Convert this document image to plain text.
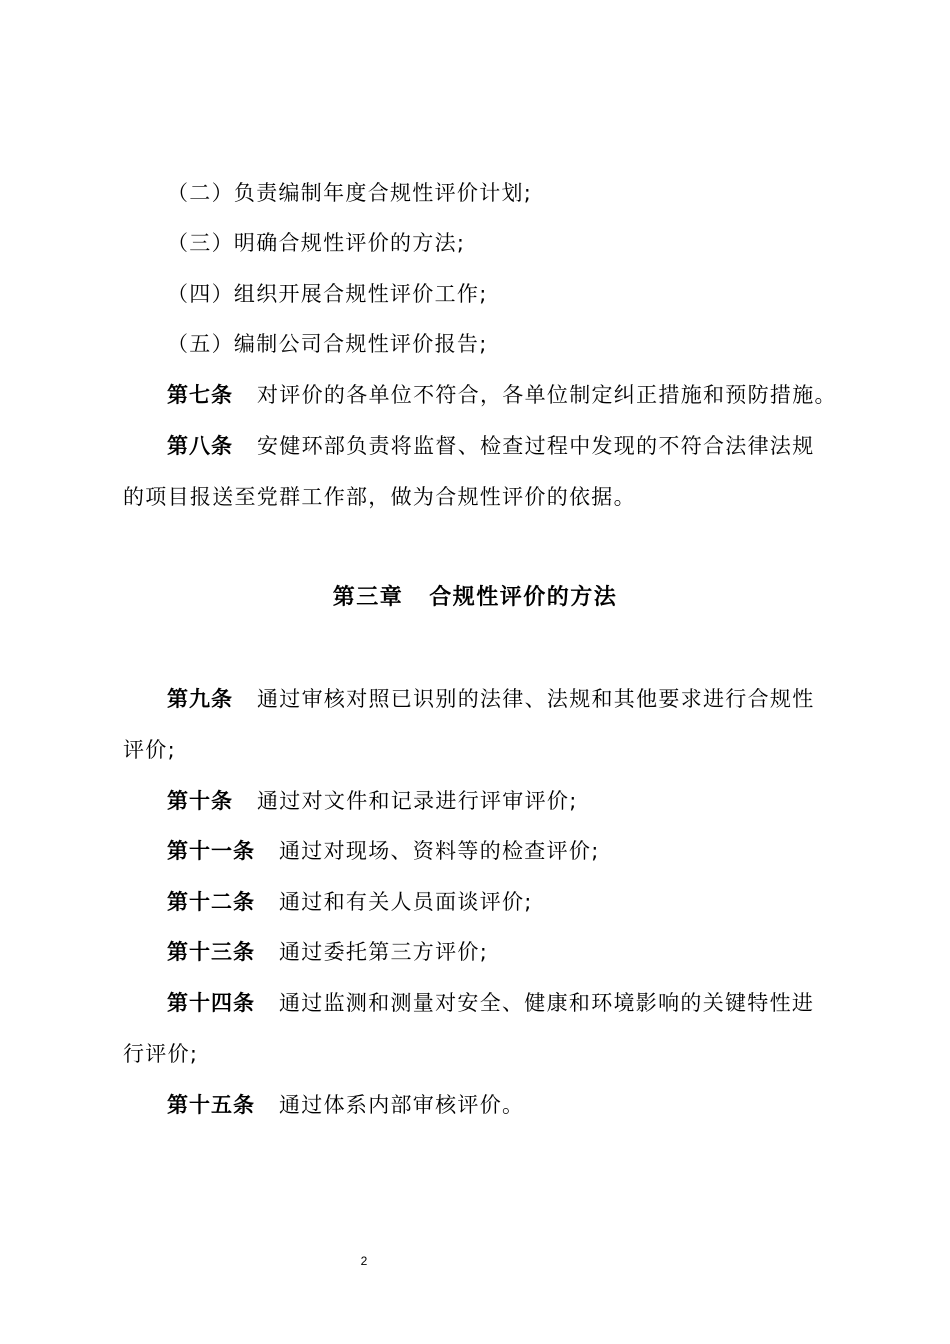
（二）负责编制年度合规性评价计划;
（三）明确合规性评价的方法;
（四）组织开展合规性评价工作;
（五）编制公司合规性评价报告;
第七条 对评价的各单位不符合，各单位制定纠正措施和预防措施。
第八条 安健环部负责将监督、检查过程中发现的不符合法律法规
的项目报送至党群工作部，做为合规性评价的依据。
第三章 合规性评价的方法
第九条 通过审核对照已识别的法律、法规和其他要求进行合规性
评价;
第十条 通过对文件和记录进行评审评价;
第十一条 通过对现场、资料等的检查评价;
第十二条 通过和有关人员面谈评价;
第十三条 通过委托第三方评价;
第十四条 通过监测和测量对安全、健康和环境影响的关键特性进
行评价;
第十五条 通过体系内部审核评价。
2
